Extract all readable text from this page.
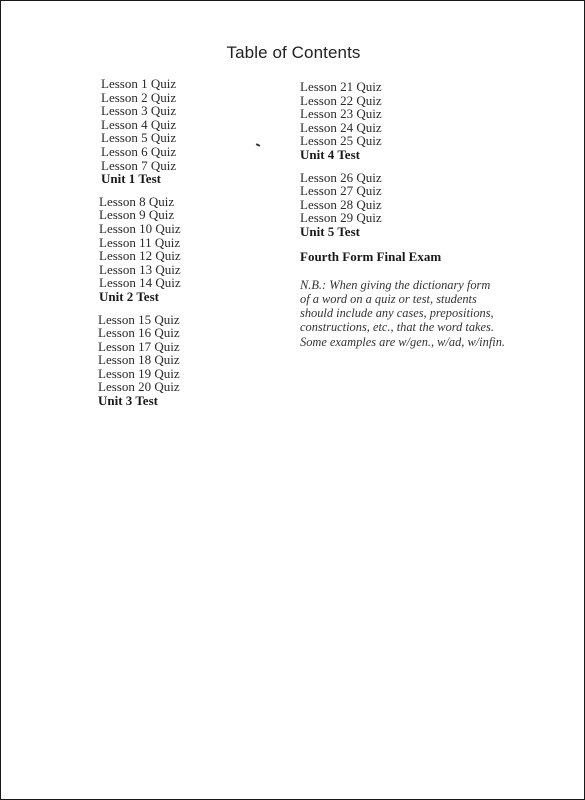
Table of Contents
Lesson 1 Quiz
Lesson 2 Quiz
Lesson 3 Quiz
Lesson 4 Quiz
Lesson 5 Quiz
Lesson 6 Quiz
Lesson 7 Quiz
Unit 1 Test
Lesson 8 Quiz
Lesson 9 Quiz
Lesson 10 Quiz
Lesson 11 Quiz
Lesson 12 Quiz
Lesson 13 Quiz
Lesson 14 Quiz
Unit 2 Test
Lesson 15 Quiz
Lesson 16 Quiz
Lesson 17 Quiz
Lesson 18 Quiz
Lesson 19 Quiz
Lesson 20 Quiz
Unit 3 Test
Lesson 21 Quiz
Lesson 22 Quiz
Lesson 23 Quiz
Lesson 24 Quiz
Lesson 25 Quiz
Unit 4 Test
Lesson 26 Quiz
Lesson 27 Quiz
Lesson 28 Quiz
Lesson 29 Quiz
Unit 5 Test
Fourth Form Final Exam
N.B.: When giving the dictionary form
of a word on a quiz or test, students
should include any cases, prepositions,
constructions, etc., that the word takes.
Some examples are w/gen., w/ad, w/infin.
